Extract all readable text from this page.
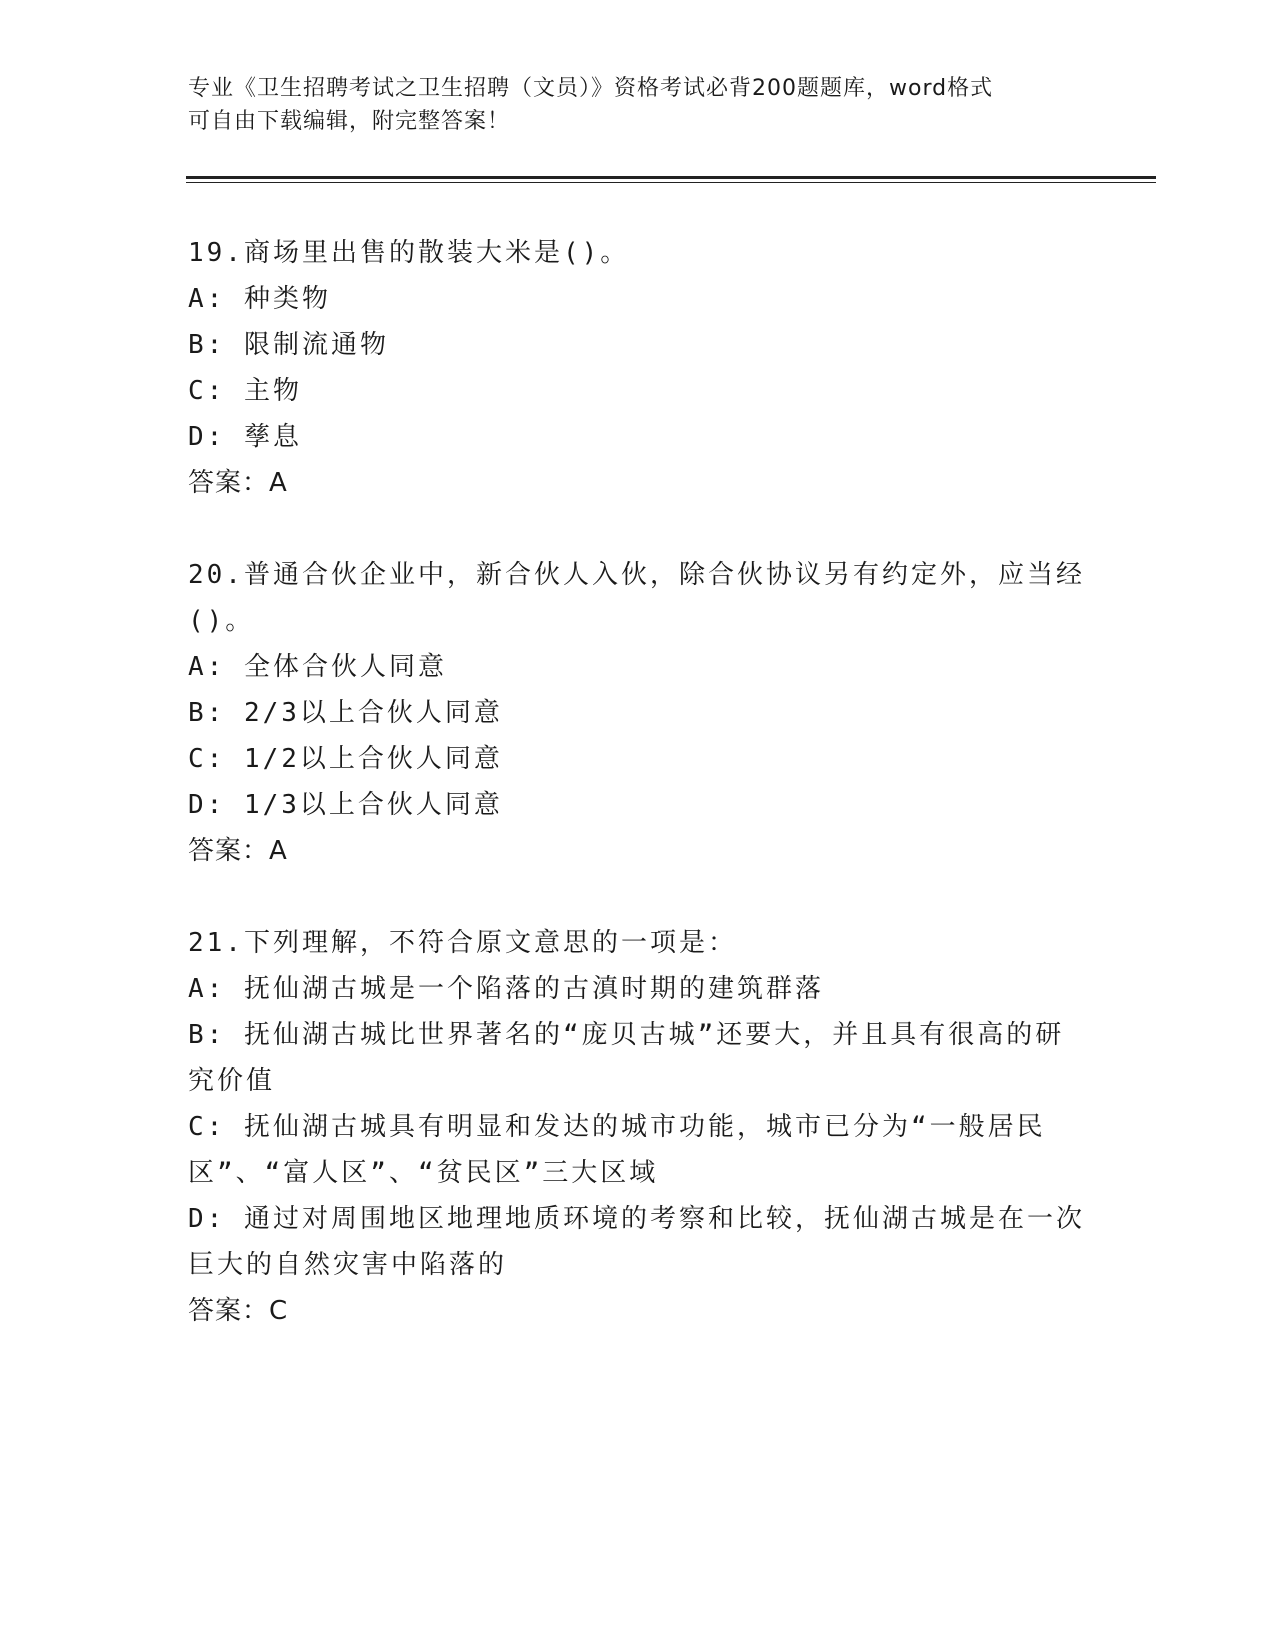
专业《卫生招聘考试之卫生招聘（文员）》资格考试必背200题题库，word格式
可自由下载编辑，附完整答案！

19.商场里出售的散装大米是()。

A: 种类物

B: 限制流通物

C: 主物

D: 孳息

答案：A

20.普通合伙企业中，新合伙人入伙，除合伙协议另有约定外，应当经()。

A: 全体合伙人同意

B: 2/3以上合伙人同意

C: 1/2以上合伙人同意

D: 1/3以上合伙人同意

答案：A

21.下列理解，不符合原文意思的一项是：

A: 抚仙湖古城是一个陷落的古滇时期的建筑群落

B: 抚仙湖古城比世界著名的“庞贝古城”还要大，并且具有很高的研究价值

C: 抚仙湖古城具有明显和发达的城市功能，城市已分为“一般居民区”、“富人区”、“贫民区”三大区域

D: 通过对周围地区地理地质环境的考察和比较，抚仙湖古城是在一次巨大的自然灾害中陷落的

答案：C
